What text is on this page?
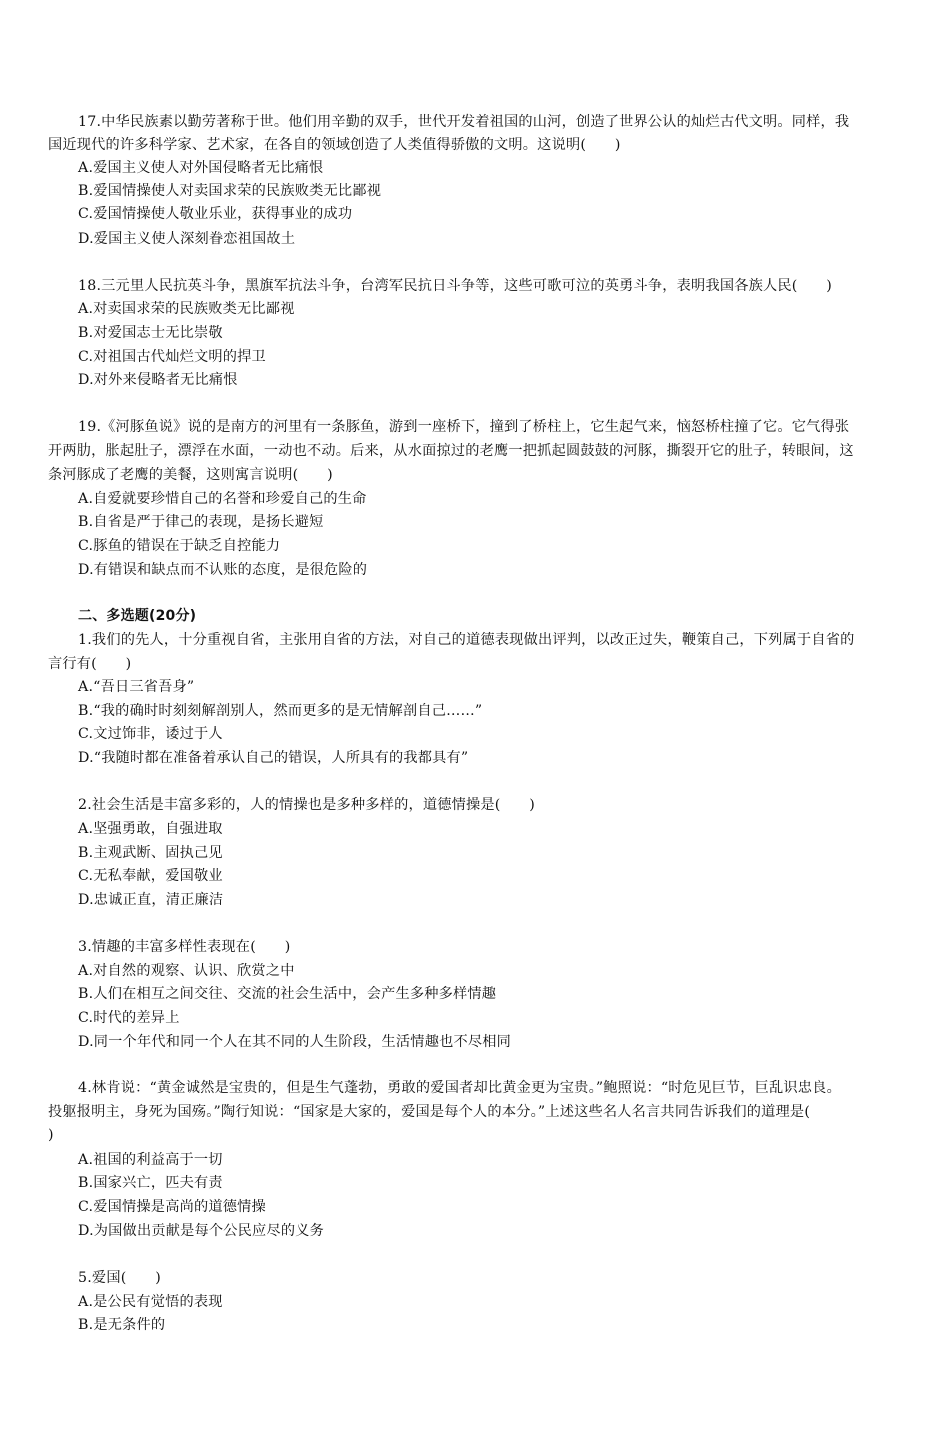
17.中华民族素以勤劳著称于世。他们用辛勤的双手，世代开发着祖国的山河，创造了世界公认的灿烂古代文明。同样，我
国近现代的许多科学家、艺术家，在各自的领域创造了人类值得骄傲的文明。这说明(　　)
A.爱国主义使人对外国侵略者无比痛恨
B.爱国情操使人对卖国求荣的民族败类无比鄙视
C.爱国情操使人敬业乐业，获得事业的成功
D.爱国主义使人深刻眷恋祖国故土
18.三元里人民抗英斗争，黑旗军抗法斗争，台湾军民抗日斗争等，这些可歌可泣的英勇斗争，表明我国各族人民(　　)
A.对卖国求荣的民族败类无比鄙视
B.对爱国志士无比崇敬
C.对祖国古代灿烂文明的捍卫
D.对外来侵略者无比痛恨
19.《河豚鱼说》说的是南方的河里有一条豚鱼，游到一座桥下，撞到了桥柱上，它生起气来，恼怒桥柱撞了它。它气得张
开两肋，胀起肚子，漂浮在水面，一动也不动。后来，从水面掠过的老鹰一把抓起圆鼓鼓的河豚，撕裂开它的肚子，转眼间，这
条河豚成了老鹰的美餐，这则寓言说明(　　)
A.自爱就要珍惜自己的名誉和珍爱自己的生命
B.自省是严于律己的表现，是扬长避短
C.豚鱼的错误在于缺乏自控能力
D.有错误和缺点而不认账的态度，是很危险的
二、多选题(20分)
1.我们的先人，十分重视自省，主张用自省的方法，对自己的道德表现做出评判，以改正过失，鞭策自己，下列属于自省的
言行有(　　)
A.“吾日三省吾身”
B.“我的确时时刻刻解剖别人，然而更多的是无情解剖自己……”
C.文过饰非，诿过于人
D.“我随时都在准备着承认自己的错误，人所具有的我都具有”
2.社会生活是丰富多彩的，人的情操也是多种多样的，道德情操是(　　)
A.坚强勇敢，自强进取
B.主观武断、固执己见
C.无私奉献，爱国敬业
D.忠诚正直，清正廉洁
3.情趣的丰富多样性表现在(　　)
A.对自然的观察、认识、欣赏之中
B.人们在相互之间交往、交流的社会生活中，会产生多种多样情趣
C.时代的差异上
D.同一个年代和同一个人在其不同的人生阶段，生活情趣也不尽相同
4.林肯说：“黄金诚然是宝贵的，但是生气蓬勃，勇敢的爱国者却比黄金更为宝贵。”鲍照说：“时危见巨节，巨乱识忠良。
投躯报明主，身死为国殇。”陶行知说：“国家是大家的，爱国是每个人的本分。”上述这些名人名言共同告诉我们的道理是(
)
A.祖国的利益高于一切
B.国家兴亡，匹夫有责
C.爱国情操是高尚的道德情操
D.为国做出贡献是每个公民应尽的义务
5.爱国(　　)
A.是公民有觉悟的表现
B.是无条件的
